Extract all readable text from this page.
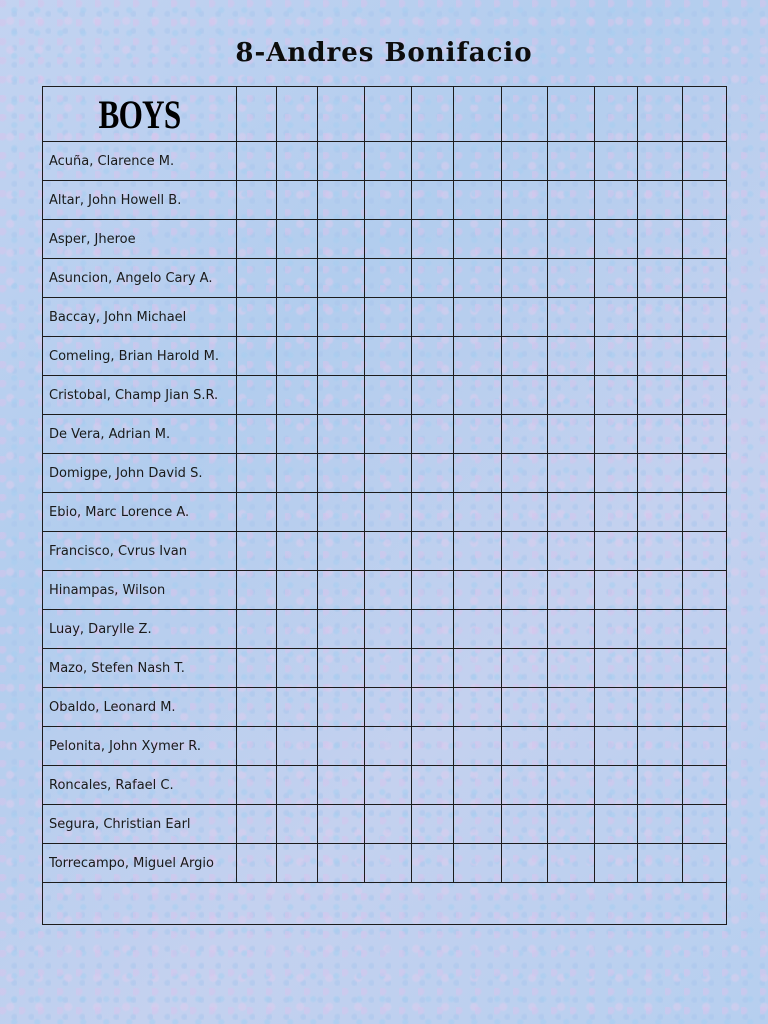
8-Andres Bonifacio
BOYS											
Acuña, Clarence M.											
Altar, John Howell B.											
Asper, Jheroe											
Asuncion, Angelo Cary A.											
Baccay, John Michael											
Comeling, Brian Harold M.											
Cristobal, Champ Jian S.R.											
De Vera, Adrian M.											
Domigpe, John David S.											
Ebio, Marc Lorence A.											
Francisco, Cvrus Ivan											
Hinampas, Wilson											
Luay, Darylle Z.											
Mazo, Stefen Nash T.											
Obaldo, Leonard M.											
Pelonita, John Xymer R.											
Roncales, Rafael C.											
Segura, Christian Earl											
Torrecampo, Miguel Argio											
